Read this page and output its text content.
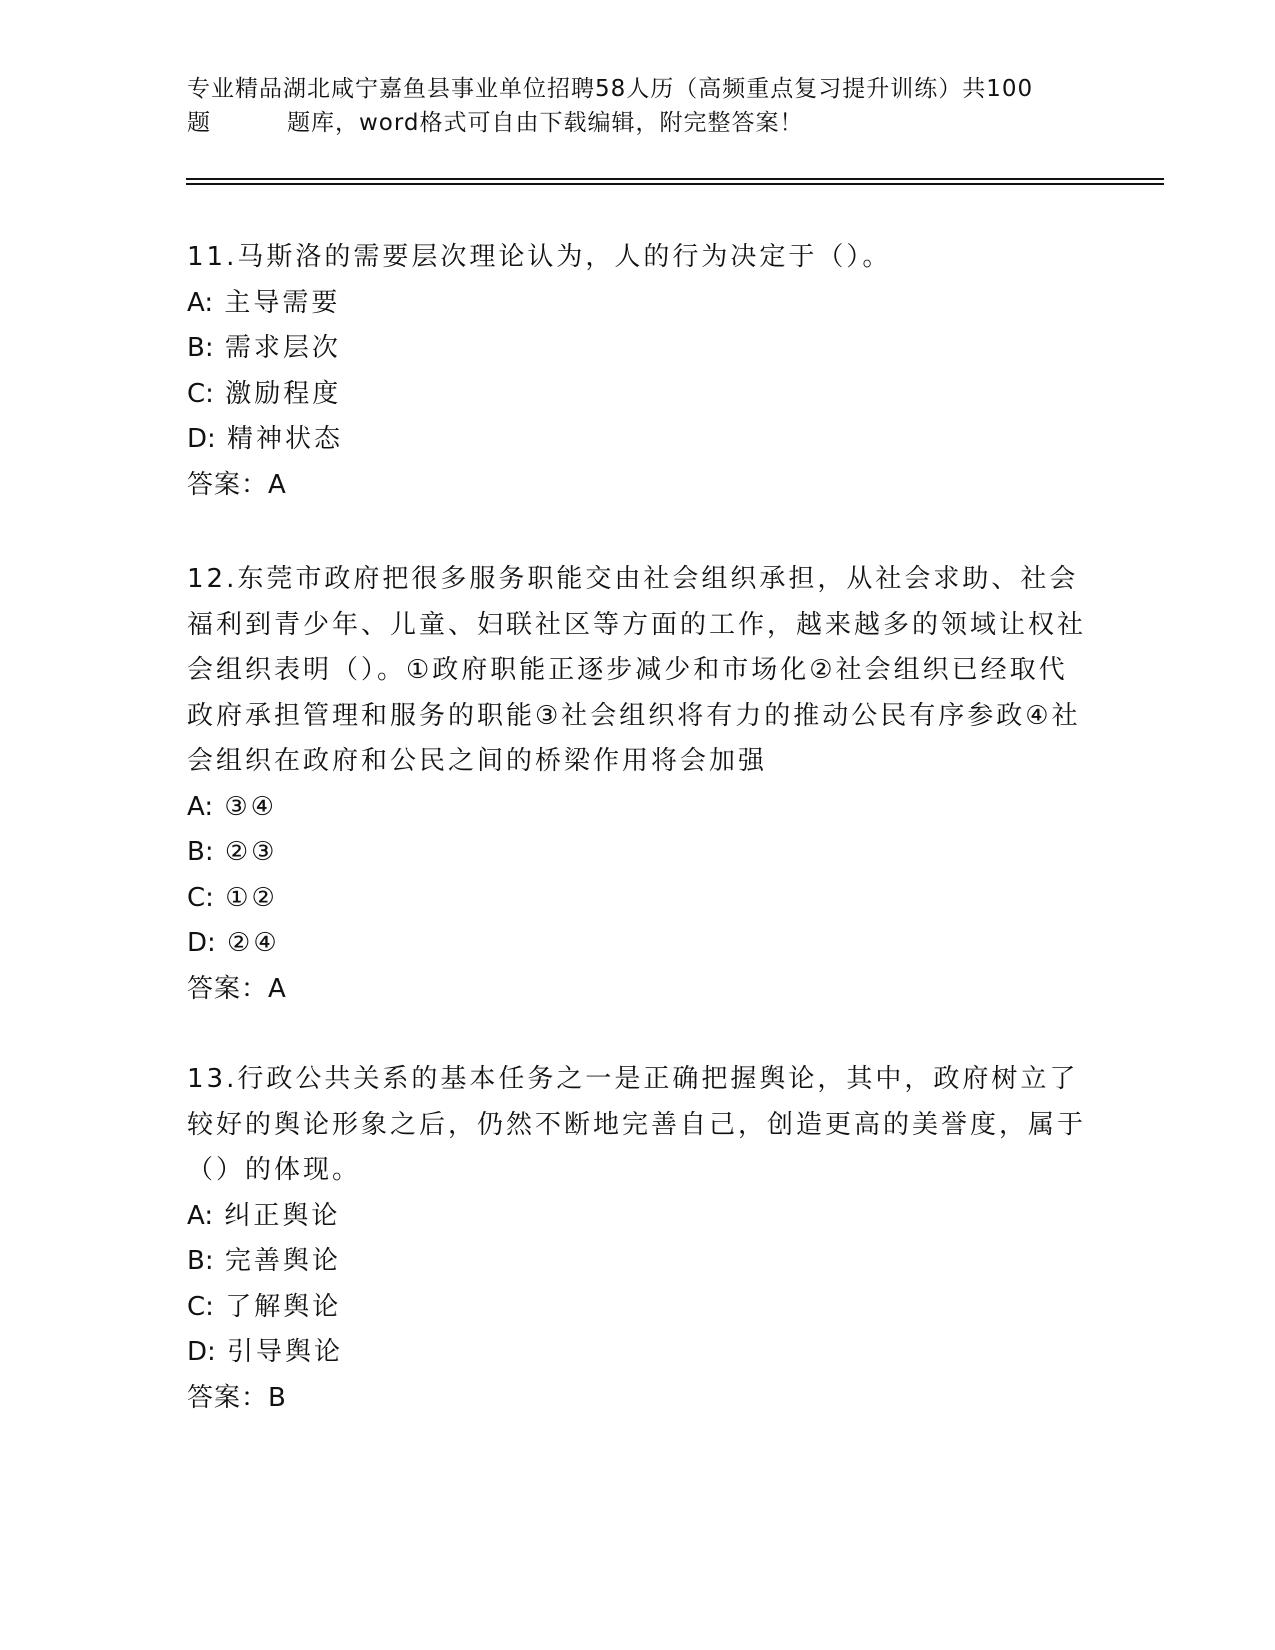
专业精品湖北咸宁嘉鱼县事业单位招聘58人历（高频重点复习提升训练）共100
题	题库，word格式可自由下载编辑，附完整答案！
11.马斯洛的需要层次理论认为，人的行为决定于（）。
A: 主导需要
B: 需求层次
C: 激励程度
D: 精神状态
答案：A
12.东莞市政府把很多服务职能交由社会组织承担，从社会求助、社会福利到青少年、儿童、妇联社区等方面的工作，越来越多的领域让权社会组织表明（）。①政府职能正逐步减少和市场化②社会组织已经取代政府承担管理和服务的职能③社会组织将有力的推动公民有序参政④社会组织在政府和公民之间的桥梁作用将会加强
A: ③④
B: ②③
C: ①②
D: ②④
答案：A
13.行政公共关系的基本任务之一是正确把握舆论，其中，政府树立了较好的舆论形象之后，仍然不断地完善自己，创造更高的美誉度，属于（）的体现。
A: 纠正舆论
B: 完善舆论
C: 了解舆论
D: 引导舆论
答案：B
